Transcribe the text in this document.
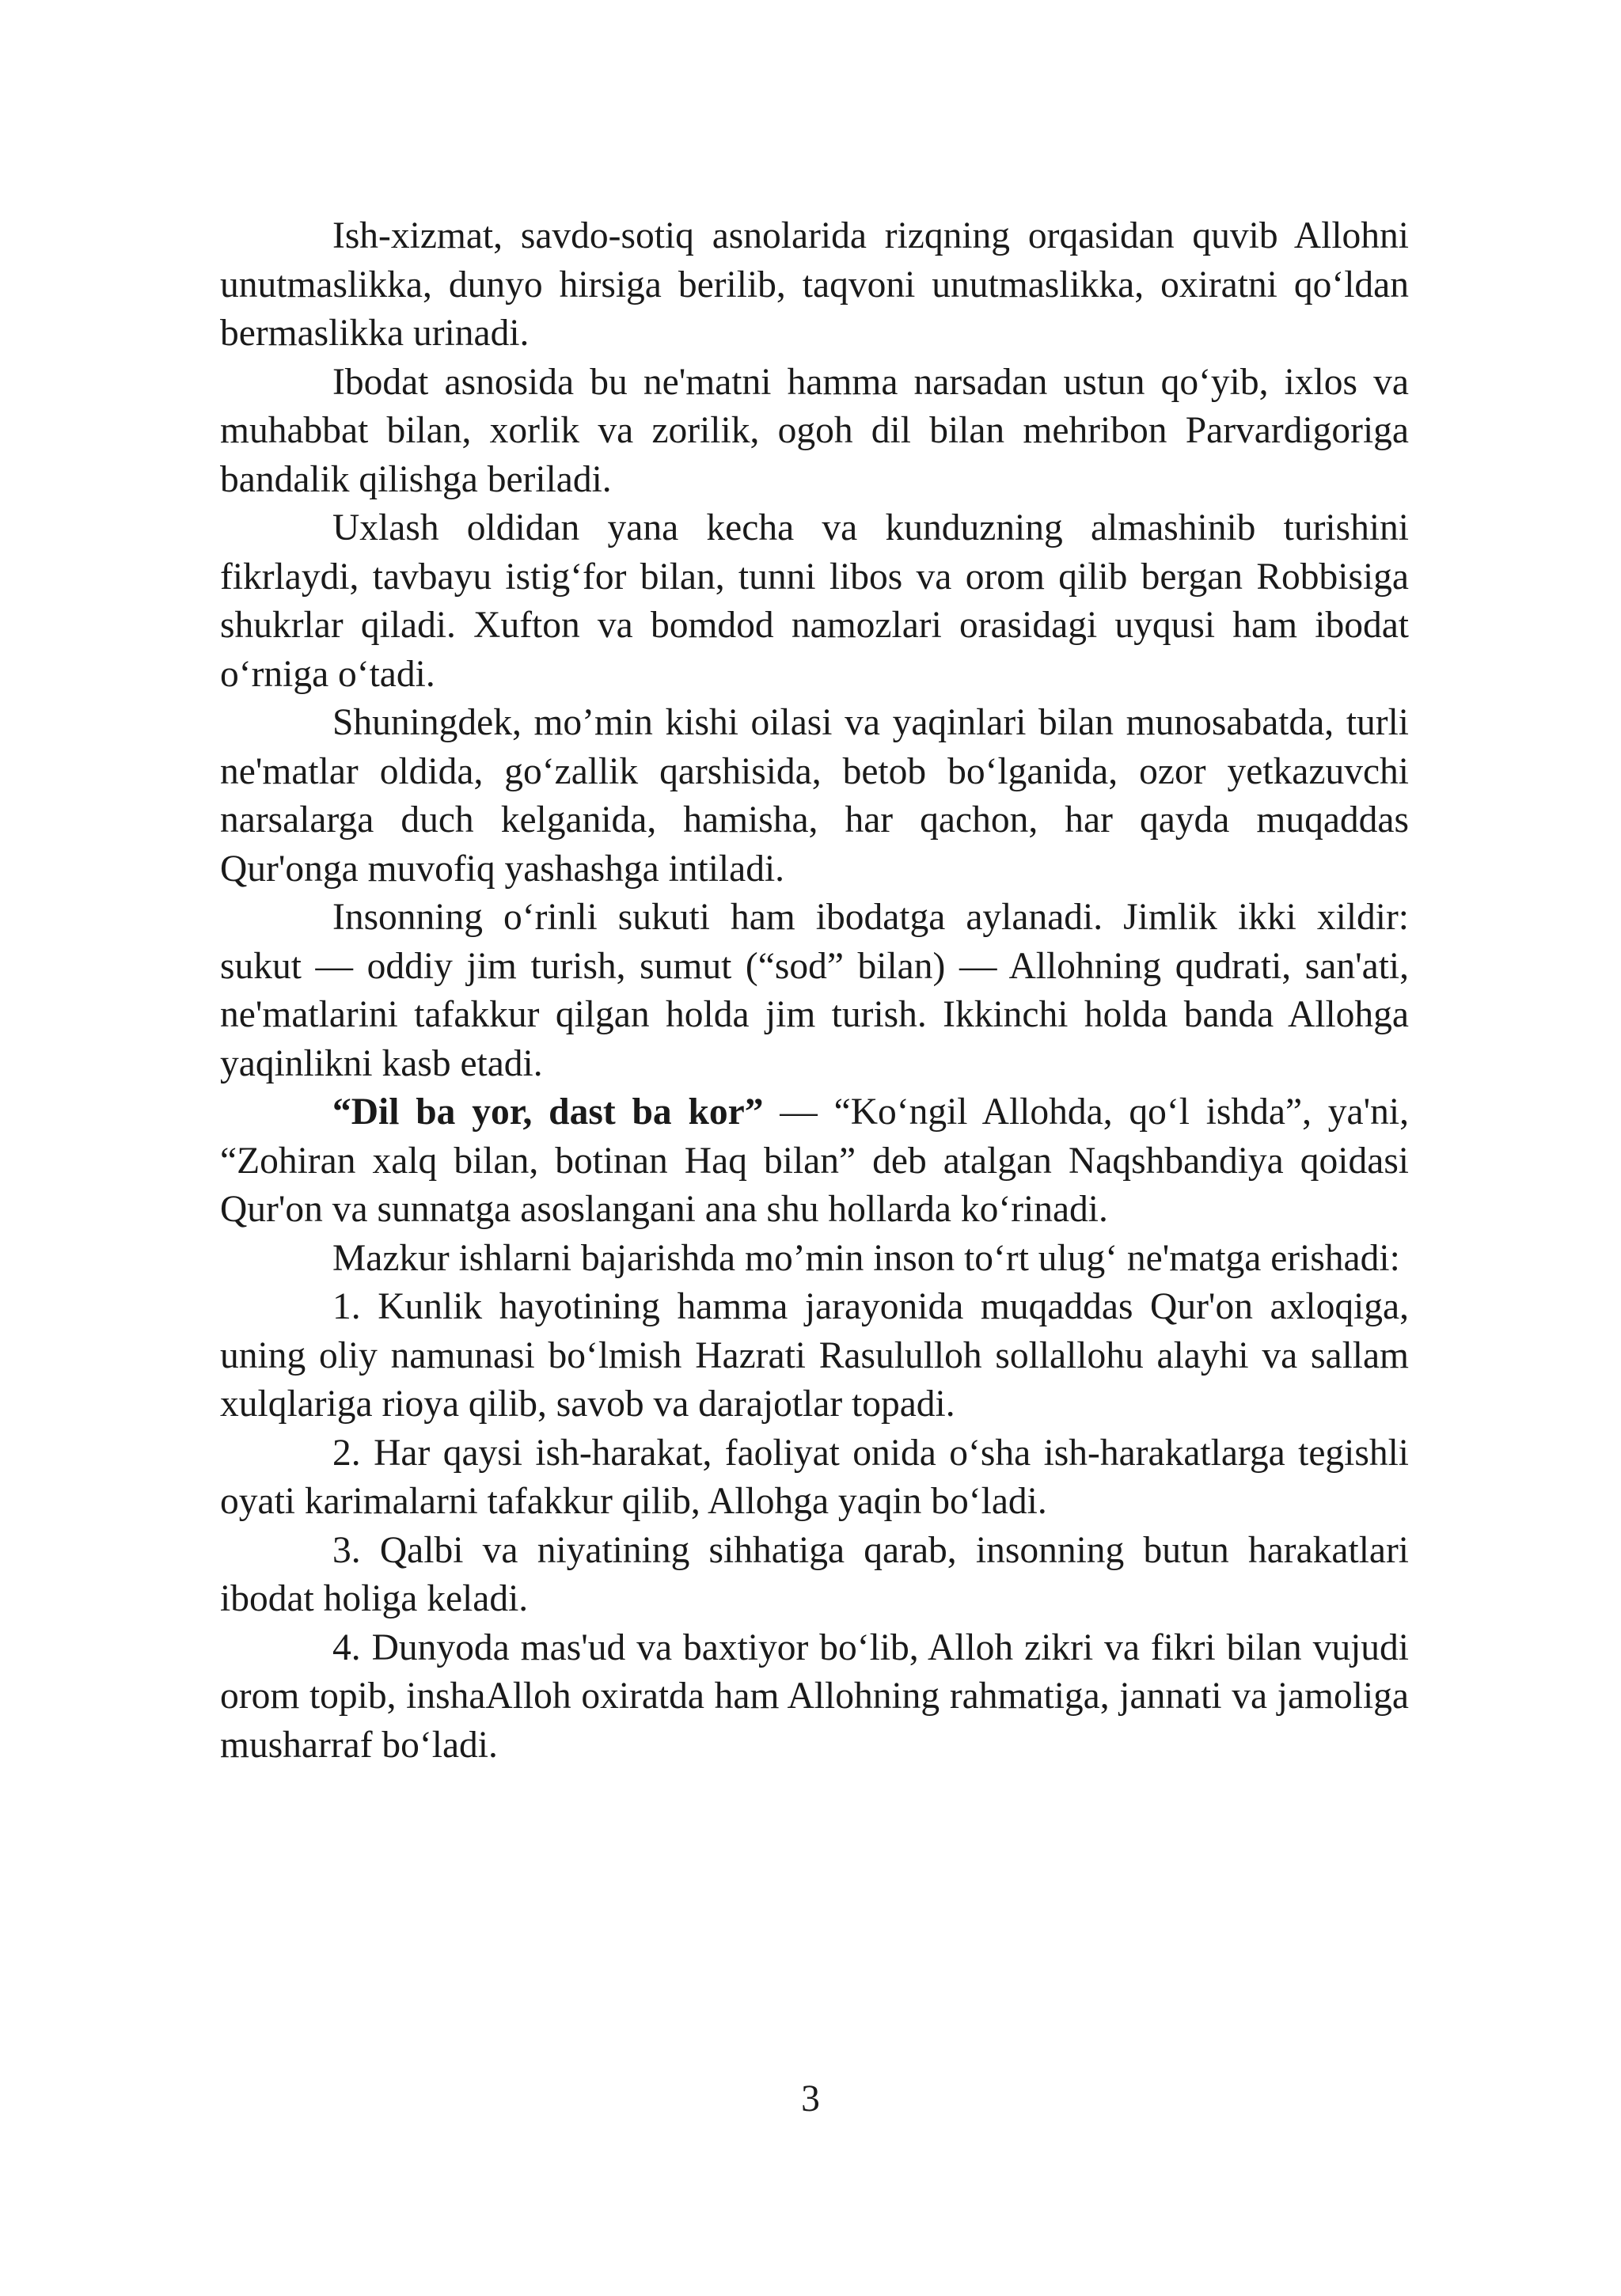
Ish-xizmat, savdo-sotiq asnolarida rizqning orqasidan quvib Allohni unutmaslikka, dunyo hirsiga berilib, taqvoni unutmaslikka, oxiratni qo‘ldan bermaslikka urinadi.

Ibodat asnosida bu ne'matni hamma narsadan ustun qo‘yib, ixlos va muhabbat bilan, xorlik va zorilik, ogoh dil bilan mehribon Parvardigoriga bandalik qilishga beriladi.

Uxlash oldidan yana kecha va kunduzning almashinib turishini fikrlaydi, tavbayu istig‘for bilan, tunni libos va orom qilib bergan Robbisiga shukrlar qiladi. Xufton va bomdod namozlari orasidagi uyqusi ham ibodat o‘rniga o‘tadi.

Shuningdek, mo’min kishi oilasi va yaqinlari bilan munosabatda, turli ne'matlar oldida, go‘zallik qarshisida, betob bo‘lganida, ozor yetkazuvchi narsalarga duch kelganida, hamisha, har qachon, har qayda muqaddas Qur'onga muvofiq yashashga intiladi.

Insonning o‘rinli sukuti ham ibodatga aylanadi. Jimlik ikki xildir: sukut — oddiy jim turish, sumut (“sod” bilan) — Allohning qudrati, san'ati, ne'matlarini tafakkur qilgan holda jim turish. Ikkinchi holda banda Allohga yaqinlikni kasb etadi.

“Dil ba yor, dast ba kor” — “Ko‘ngil Allohda, qo‘l ishda”, ya'ni, “Zohiran xalq bilan, botinan Haq bilan” deb atalgan Naqshbandiya qoidasi Qur'on va sunnatga asoslangani ana shu hollarda ko‘rinadi.

Mazkur ishlarni bajarishda mo’min inson to‘rt ulug‘ ne'matga erishadi:

1. Kunlik hayotining hamma jarayonida muqaddas Qur'on axloqiga, uning oliy namunasi bo‘lmish Hazrati Rasululloh sollallohu alayhi va sallam xulqlariga rioya qilib, savob va darajotlar topadi.

2. Har qaysi ish-harakat, faoliyat onida o‘sha ish-harakatlarga tegishli oyati karimalarni tafakkur qilib, Allohga yaqin bo‘ladi.

3. Qalbi va niyatining sihhatiga qarab, insonning butun harakatlari ibodat holiga keladi.

4. Dunyoda mas'ud va baxtiyor bo‘lib, Alloh zikri va fikri bilan vujudi orom topib, inshaAlloh oxiratda ham Allohning rahmatiga, jannati va jamoliga musharraf bo‘ladi.

3
